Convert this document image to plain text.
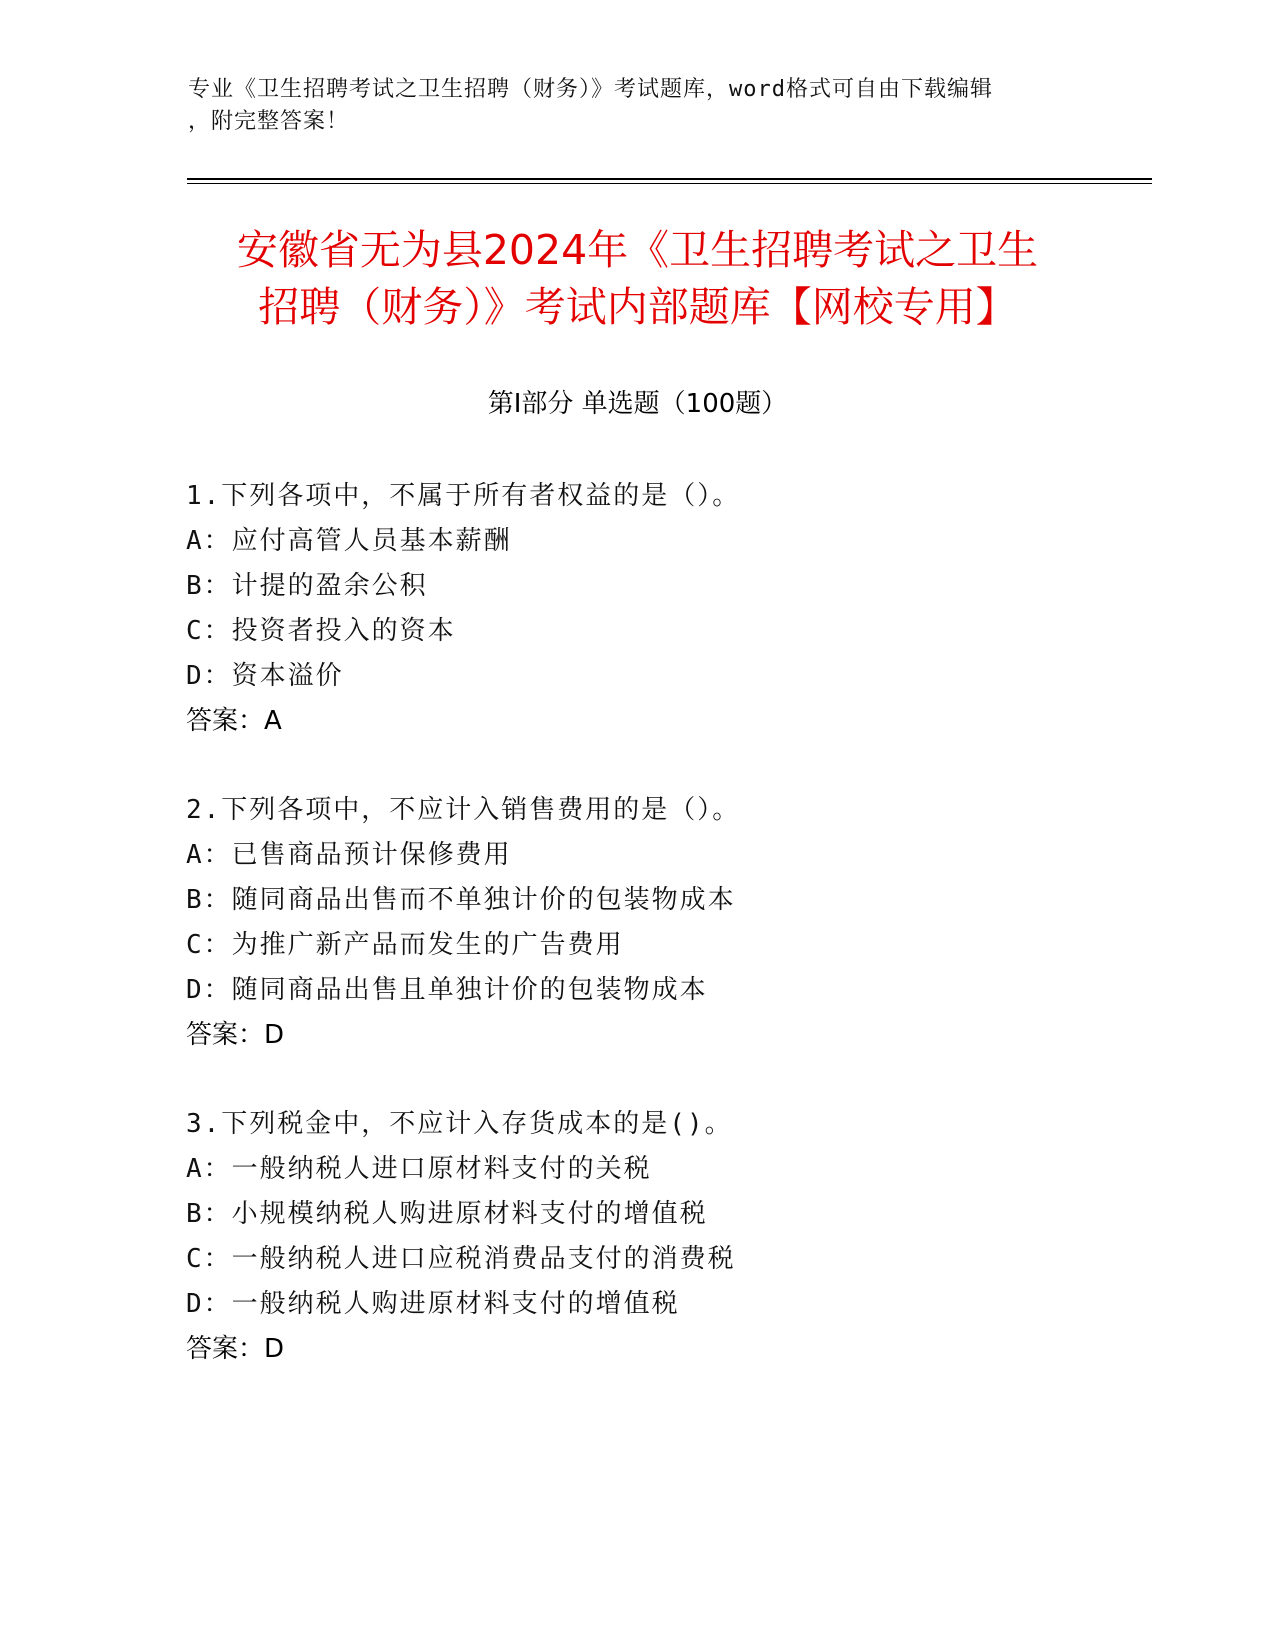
专业《卫生招聘考试之卫生招聘（财务）》考试题库，word格式可自由下载编辑
，附完整答案！
安徽省无为县2024年《卫生招聘考试之卫生
招聘（财务）》考试内部题库【网校专用】
第Ⅰ部分 单选题（100题）
1.下列各项中，不属于所有者权益的是（）。
A：应付高管人员基本薪酬
B：计提的盈余公积
C：投资者投入的资本
D：资本溢价
答案：A
2.下列各项中，不应计入销售费用的是（）。
A：已售商品预计保修费用
B：随同商品出售而不单独计价的包装物成本
C：为推广新产品而发生的广告费用
D：随同商品出售且单独计价的包装物成本
答案：D
3.下列税金中，不应计入存货成本的是()。
A：一般纳税人进口原材料支付的关税
B：小规模纳税人购进原材料支付的增值税
C：一般纳税人进口应税消费品支付的消费税
D：一般纳税人购进原材料支付的增值税
答案：D
